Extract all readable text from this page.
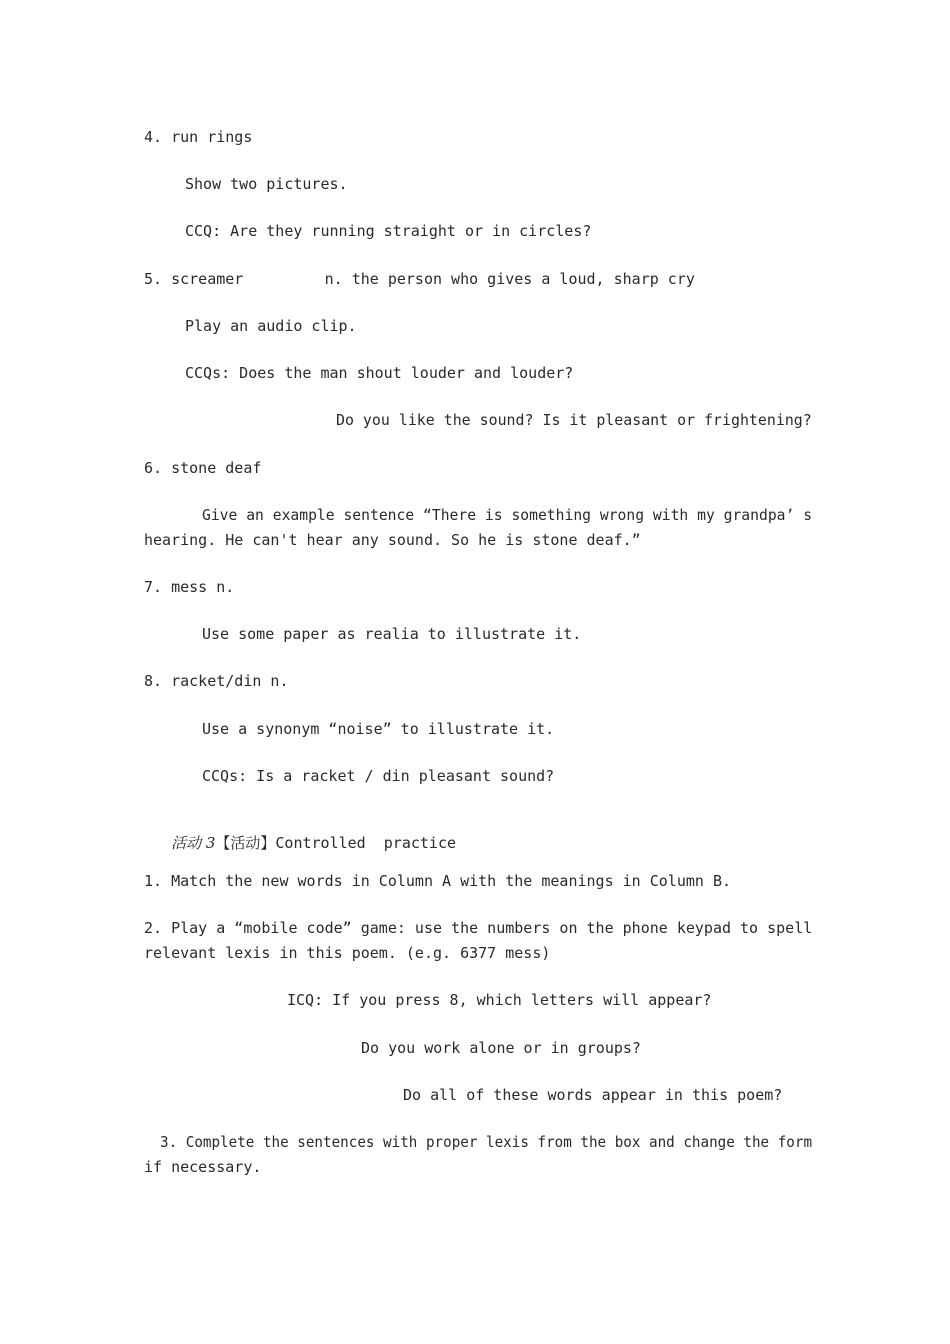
4. run rings
Show two pictures.
CCQ: Are they running straight or in circles?
5. screamer         n. the person who gives a loud, sharp cry
Play an audio clip.
CCQs: Does the man shout louder and louder?
Do you like the sound? Is it pleasant or frightening?
6. stone deaf
Give an example sentence “There is something wrong with my grandpa’ s
hearing. He can't hear any sound. So he is stone deaf.”
7. mess n.
Use some paper as realia to illustrate it.
8. racket/din n.
Use a synonym “noise” to illustrate it.
CCQs: Is a racket / din pleasant sound?

活动 3【活动】Controlled  practice

1. Match the new words in Column A with the meanings in Column B.
2. Play a “mobile code” game: use the numbers on the phone keypad to spell
relevant lexis in this poem. (e.g. 6377 mess)
ICQ: If you press 8, which letters will appear?
Do you work alone or in groups?
Do all of these words appear in this poem?
3. Complete the sentences with proper lexis from the box and change the form
if necessary.
